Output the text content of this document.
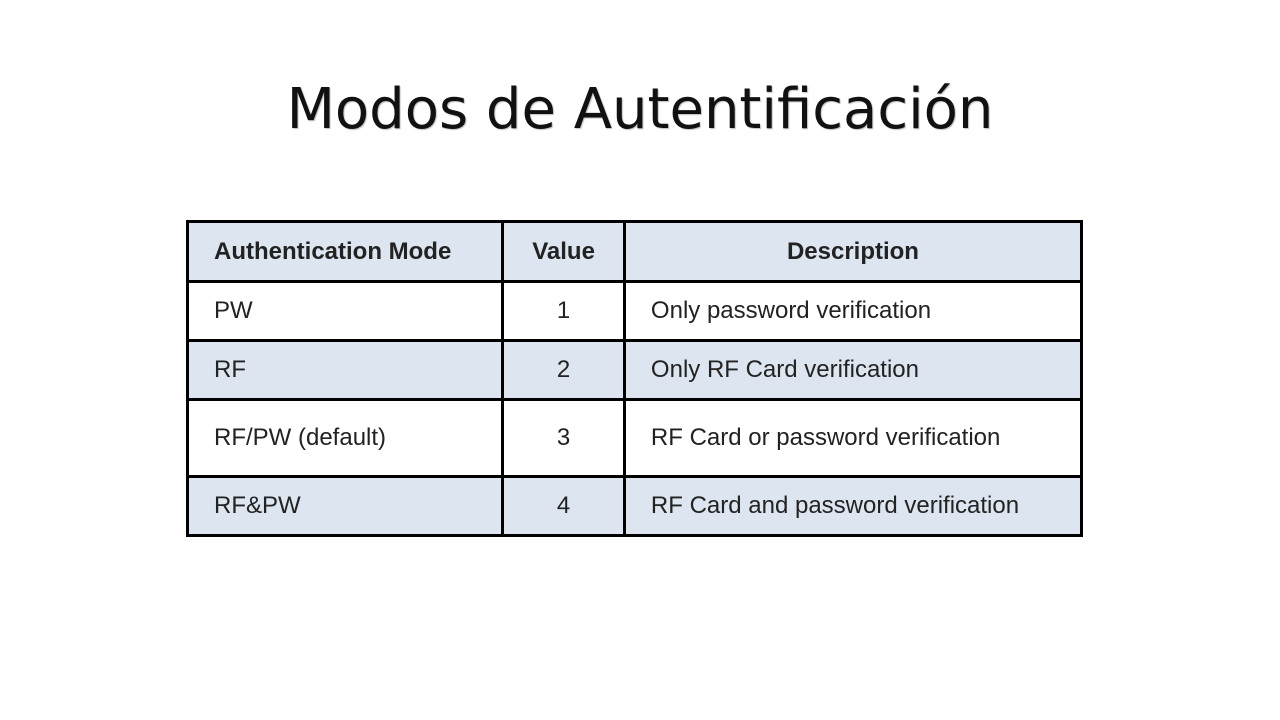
Modos de Autentificación
Authentication Mode	Value	Description
PW	1	Only password verification
RF	2	Only RF Card verification
RF/PW (default)	3	RF Card or password verification
RF&PW	4	RF Card and password verification
